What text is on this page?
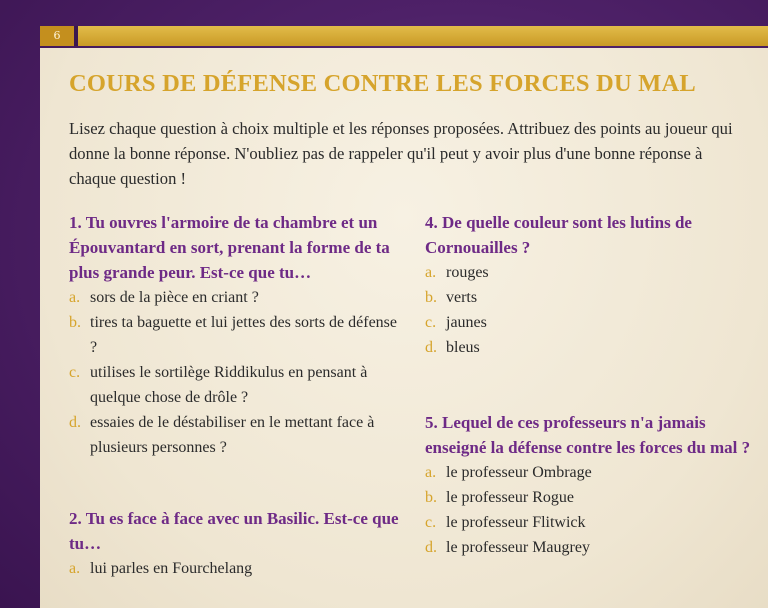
6
COURS DE DÉFENSE CONTRE LES FORCES DU MAL

Lisez chaque question à choix multiple et les réponses proposées. Attribuez des points au joueur qui donne la bonne réponse. N'oubliez pas de rappeler qu'il peut y avoir plus d'une bonne réponse à chaque question !

1. Tu ouvres l'armoire de ta chambre et un Épouvantard en sort, prenant la forme de ta plus grande peur. Est-ce que tu…

a. sors de la pièce en criant ?

b. tires ta baguette et lui jettes des sorts de défense ?

c. utilises le sortilège Riddikulus en pensant à quelque chose de drôle ?

d. essaies de le déstabiliser en le mettant face à plusieurs personnes ?

2. Tu es face à face avec un Basilic. Est-ce que tu…

a. lui parles en Fourchelang

4. De quelle couleur sont les lutins de Cornouailles ?

a. rouges

b. verts

c. jaunes

d. bleus

5. Lequel de ces professeurs n'a jamais enseigné la défense contre les forces du mal ?

a. le professeur Ombrage

b. le professeur Rogue

c. le professeur Flitwick

d. le professeur Maugrey
